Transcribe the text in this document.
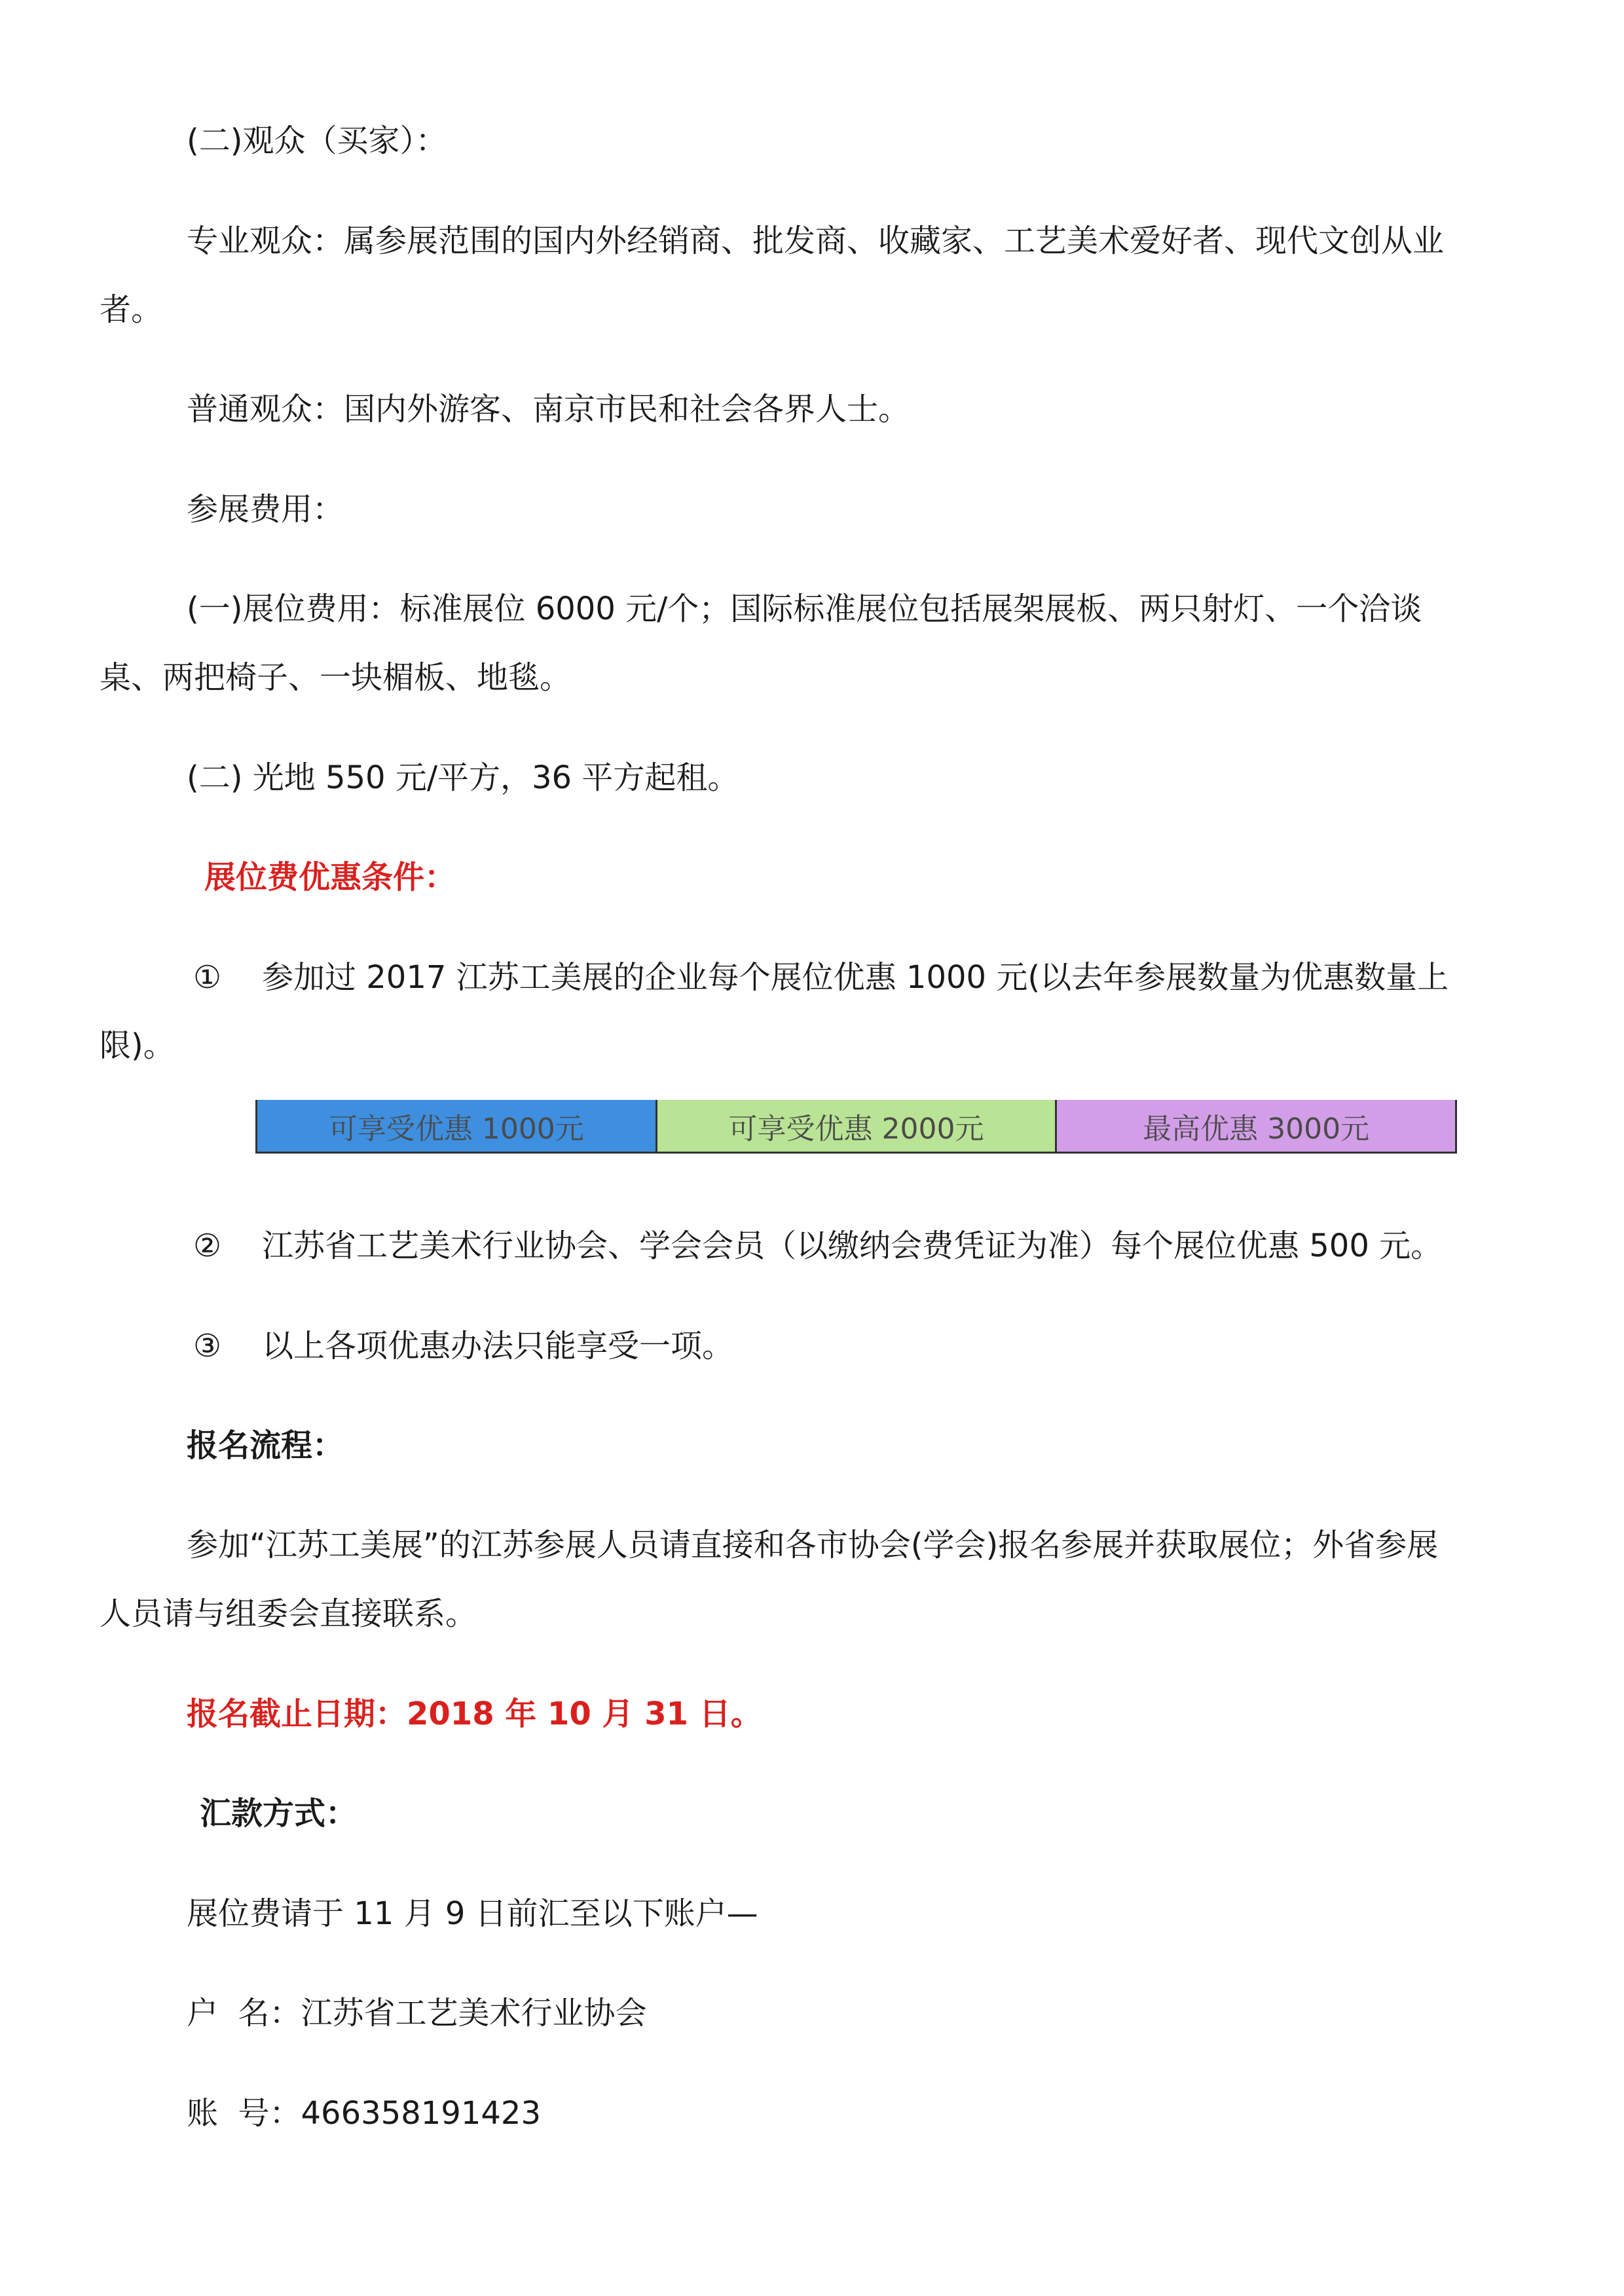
(二)观众（买家）：

专业观众：属参展范围的国内外经销商、批发商、收藏家、工艺美术爱好者、现代文创从业

者。

普通观众：国内外游客、南京市民和社会各界人士。

参展费用：

(一)展位费用：标准展位 6000 元/个；国际标准展位包括展架展板、两只射灯、一个洽谈

桌、两把椅子、一块楣板、地毯。

(二) 光地 550 元/平方，36 平方起租。

展位费优惠条件：

① 参加过 2017 江苏工美展的企业每个展位优惠 1000 元(以去年参展数量为优惠数量上

限)。

可享受优惠 1000元	可享受优惠 2000元	最高优惠 3000元

② 江苏省工艺美术行业协会、学会会员（以缴纳会费凭证为准）每个展位优惠 500 元。

③ 以上各项优惠办法只能享受一项。

报名流程：

参加“江苏工美展”的江苏参展人员请直接和各市协会(学会)报名参展并获取展位；外省参展

人员请与组委会直接联系。

报名截止日期：2018 年 10 月 31 日。

汇款方式：

展位费请于 11 月 9 日前汇至以下账户—

户  名：江苏省工艺美术行业协会

账  号：466358191423
